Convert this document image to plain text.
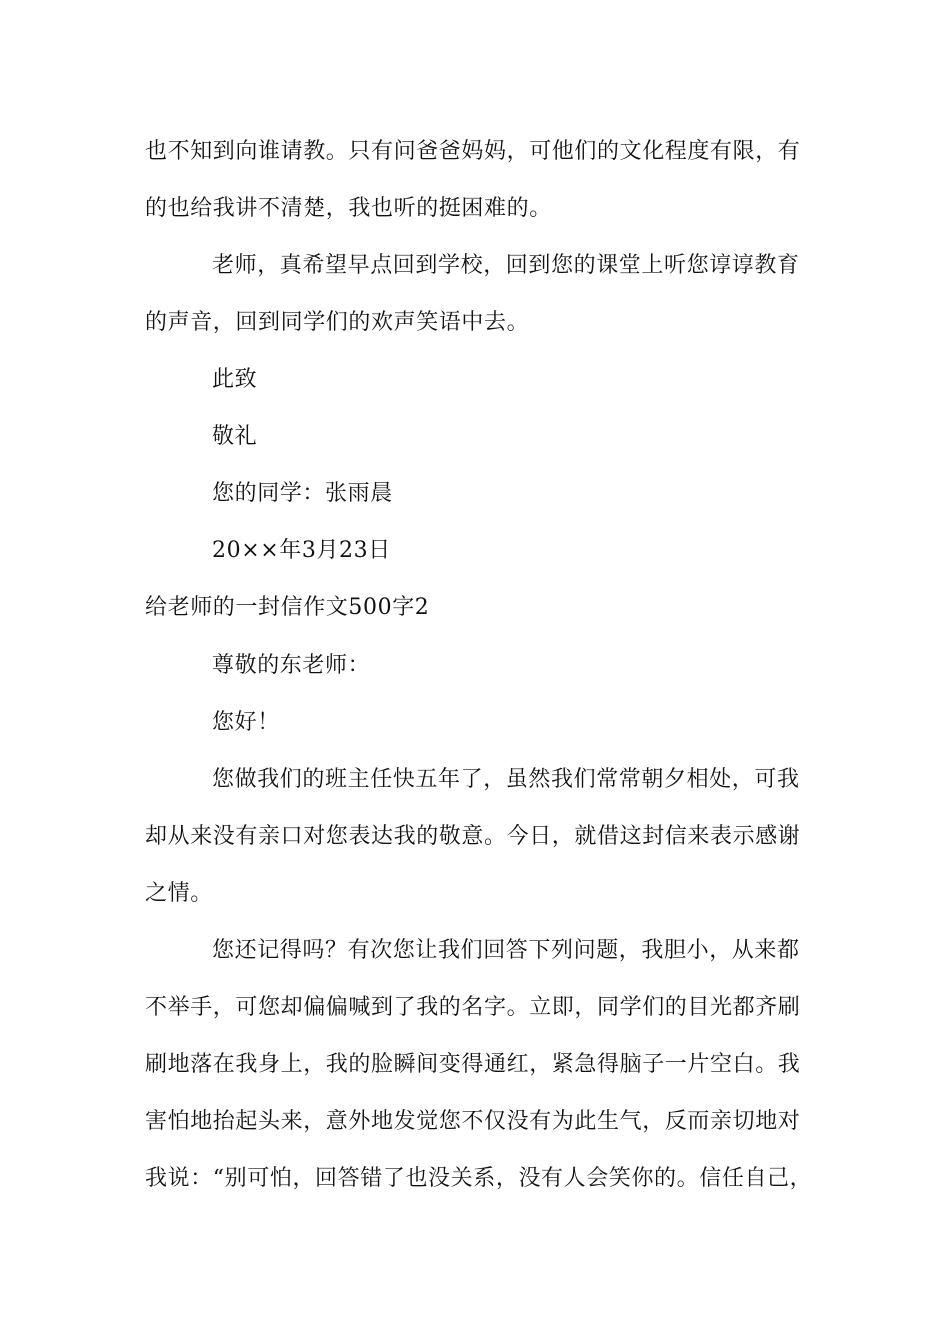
也不知到向谁请教。只有问爸爸妈妈，可他们的文化程度有限，有
的也给我讲不清楚，我也听的挺困难的。
老师，真希望早点回到学校，回到您的课堂上听您谆谆教育
的声音，回到同学们的欢声笑语中去。
此致
敬礼
您的同学：张雨晨
20××年3月23日
给老师的一封信作文500字2
尊敬的东老师：
您好！
您做我们的班主任快五年了，虽然我们常常朝夕相处，可我
却从来没有亲口对您表达我的敬意。今日，就借这封信来表示感谢
之情。
您还记得吗？有次您让我们回答下列问题，我胆小，从来都
不举手，可您却偏偏喊到了我的名字。立即，同学们的目光都齐刷
刷地落在我身上，我的脸瞬间变得通红，紧急得脑子一片空白。我
害怕地抬起头来，意外地发觉您不仅没有为此生气，反而亲切地对
我说：“别可怕，回答错了也没关系，没有人会笑你的。信任自己，
